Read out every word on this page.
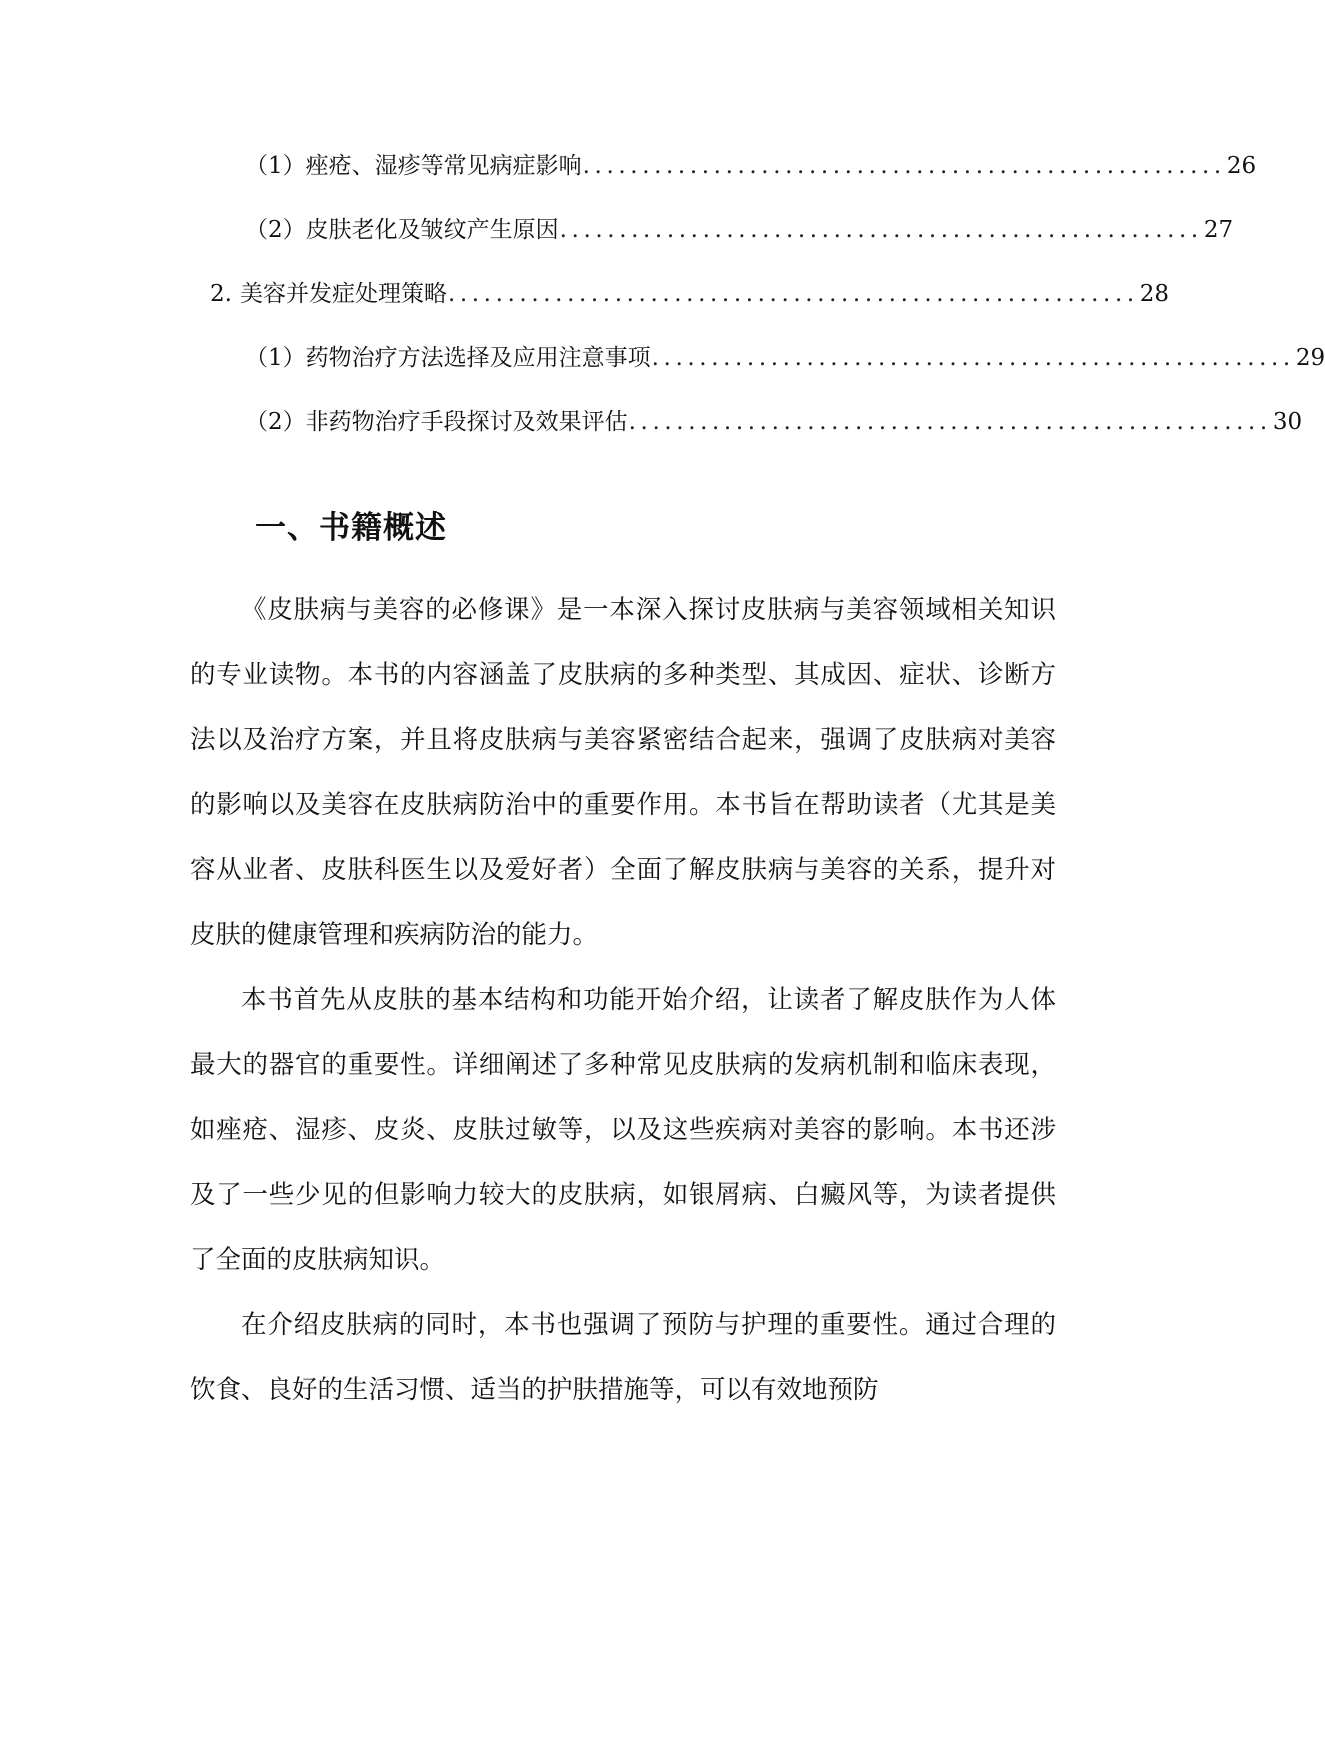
（1）痤疮、湿疹等常见病症影响 ...................................................... 26
（2）皮肤老化及皱纹产生原因 ...................................................... 27
2. 美容并发症处理策略 .......................................................... 28
（1）药物治疗方法选择及应用注意事项 ...................................................... 29
（2）非药物治疗手段探讨及效果评估 ...................................................... 30
一、书籍概述

《皮肤病与美容的必修课》是一本深入探讨皮肤病与美容领域相关知识的专业读物。本书的内容涵盖了皮肤病的多种类型、其成因、症状、诊断方法以及治疗方案，并且将皮肤病与美容紧密结合起来，强调了皮肤病对美容的影响以及美容在皮肤病防治中的重要作用。本书旨在帮助读者（尤其是美容从业者、皮肤科医生以及爱好者）全面了解皮肤病与美容的关系，提升对皮肤的健康管理和疾病防治的能力。

本书首先从皮肤的基本结构和功能开始介绍，让读者了解皮肤作为人体最大的器官的重要性。详细阐述了多种常见皮肤病的发病机制和临床表现，如痤疮、湿疹、皮炎、皮肤过敏等，以及这些疾病对美容的影响。本书还涉及了一些少见的但影响力较大的皮肤病，如银屑病、白癜风等，为读者提供了全面的皮肤病知识。

在介绍皮肤病的同时，本书也强调了预防与护理的重要性。通过合理的饮食、良好的生活习惯、适当的护肤措施等，可以有效地预防
